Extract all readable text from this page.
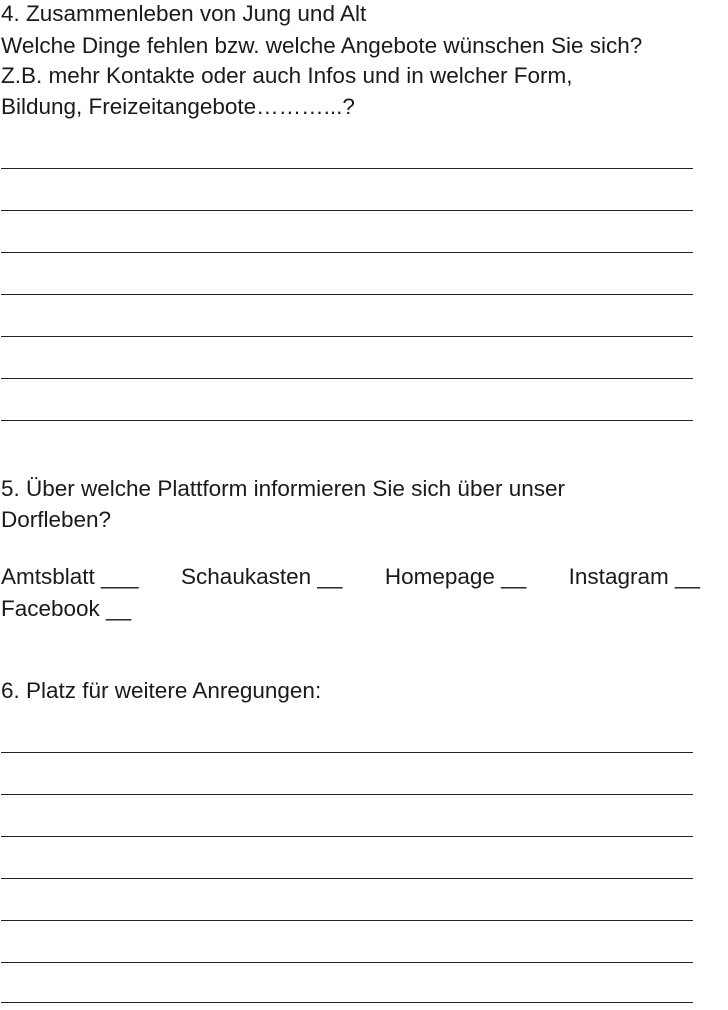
4. Zusammenleben von Jung und Alt
Welche Dinge fehlen bzw. welche Angebote wünschen Sie sich?
Z.B. mehr Kontakte oder auch Infos und in welcher Form,
Bildung, Freizeitangebote………...?
5. Über welche Plattform informieren Sie sich über unser
Dorfleben?
Amtsblatt ___ Schaukasten __ Homepage __ Instagram __
Facebook __
6. Platz für weitere Anregungen:
